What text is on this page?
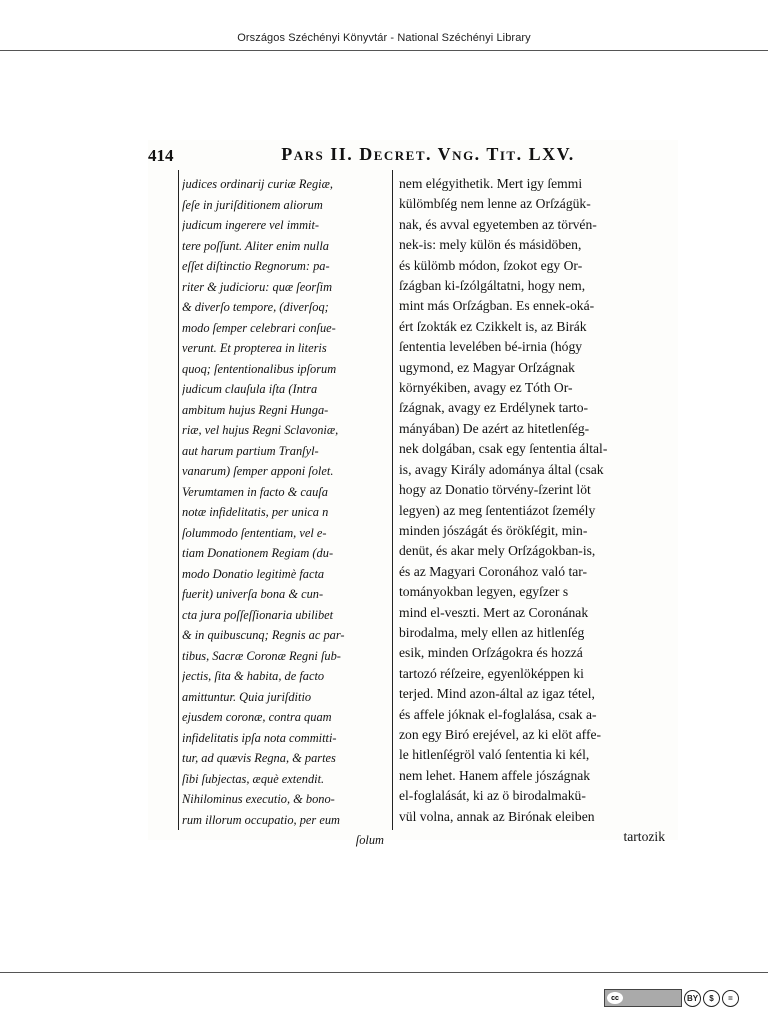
Országos Széchényi Könyvtár - National Széchényi Library
414	Pars II. Decret. Vng. Tit. LXV.
judices ordinarij curiæ Regiæ,
ſeſe in juriſditionem aliorum
judicum ingerere vel immit-
tere poſſunt. Aliter enim nulla
eſſet diſtinctio Regnorum: pa-
riter & judicioru: quæ ſeorſim
& diverſo tempore, (diverſoq;
modo ſemper celebrari conſue-
verunt. Et propterea in literis
quoq; ſententionalibus ipſorum
judicum clauſula iſta (Intra
ambitum hujus Regni Hunga-
riæ, vel hujus Regni Sclavoniæ,
aut harum partium Tranſyl-
vanarum) ſemper apponi ſolet.
Verumtamen in facto & cauſa
notæ infidelitatis, per unica n
ſolummodo ſententiam, vel e-
tiam Donationem Regiam (du-
modo Donatio legitimè facta
fuerit) univerſa bona & cun-
cta jura poſſeſſionaria ubilibet
& in quibuscunq; Regnis ac par-
tibus, Sacræ Coronæ Regni ſub-
jectis, ſita & habita, de facto
amittuntur. Quia juriſditio
ejusdem coronæ, contra quam
infidelitatis ipſa nota committi-
tur, ad quævis Regna, & partes
ſibi ſubjectas, æquè extendit.
Nihilominus executio, & bono-
rum illorum occupatio, per eum
ſolum
nem elégyithetik. Mert igy ſemmi
külömbſég nem lenne az Orſzágük-
nak, és avval egyetemben az törvén-
nek-is: mely külön és másidöben,
és külömb módon, ſzokot egy Or-
ſzágban ki-ſzólgáltatni, hogy nem,
mint más Orſzágban. Es ennek-oká-
ért ſzokták ez Czikkelt is, az Birák
ſententia levelében bé-irnia (hógy
ugymond, ez Magyar Orſzágnak
környékiben, avagy ez Tóth Or-
ſzágnak, avagy ez Erdélynek tarto-
mányában) De azért az hitetlenſég-
nek dolgában, csak egy ſententia által-
is, avagy Király adománya által (csak
hogy az Donatio törvény-ſzerint löt
legyen) az meg ſententiázot ſzemély
minden jószágát és örökſégit, min-
denüt, és akar mely Orſzágokban-is,
és az Magyari Coronához való tar-
tományokban legyen, egyſzer s
mind el-veszti. Mert az Coronának
birodalma, mely ellen az hitlenſég
esik, minden Orſzágokra és hozzá
tartozó réſzeire, egyenlöképpen ki
terjed. Mind azon-által az igaz tétel,
és affele jóknak el-foglalása, csak a-
zon egy Biró erejével, az ki elöt affe-
le hitlenſégröl való ſententia ki kél,
nem lehet. Hanem affele jószágnak
el-foglalását, ki az ö birodalmakü-
vül volna, annak az Birónak eleiben
tartozik
cc	BY	$	=
